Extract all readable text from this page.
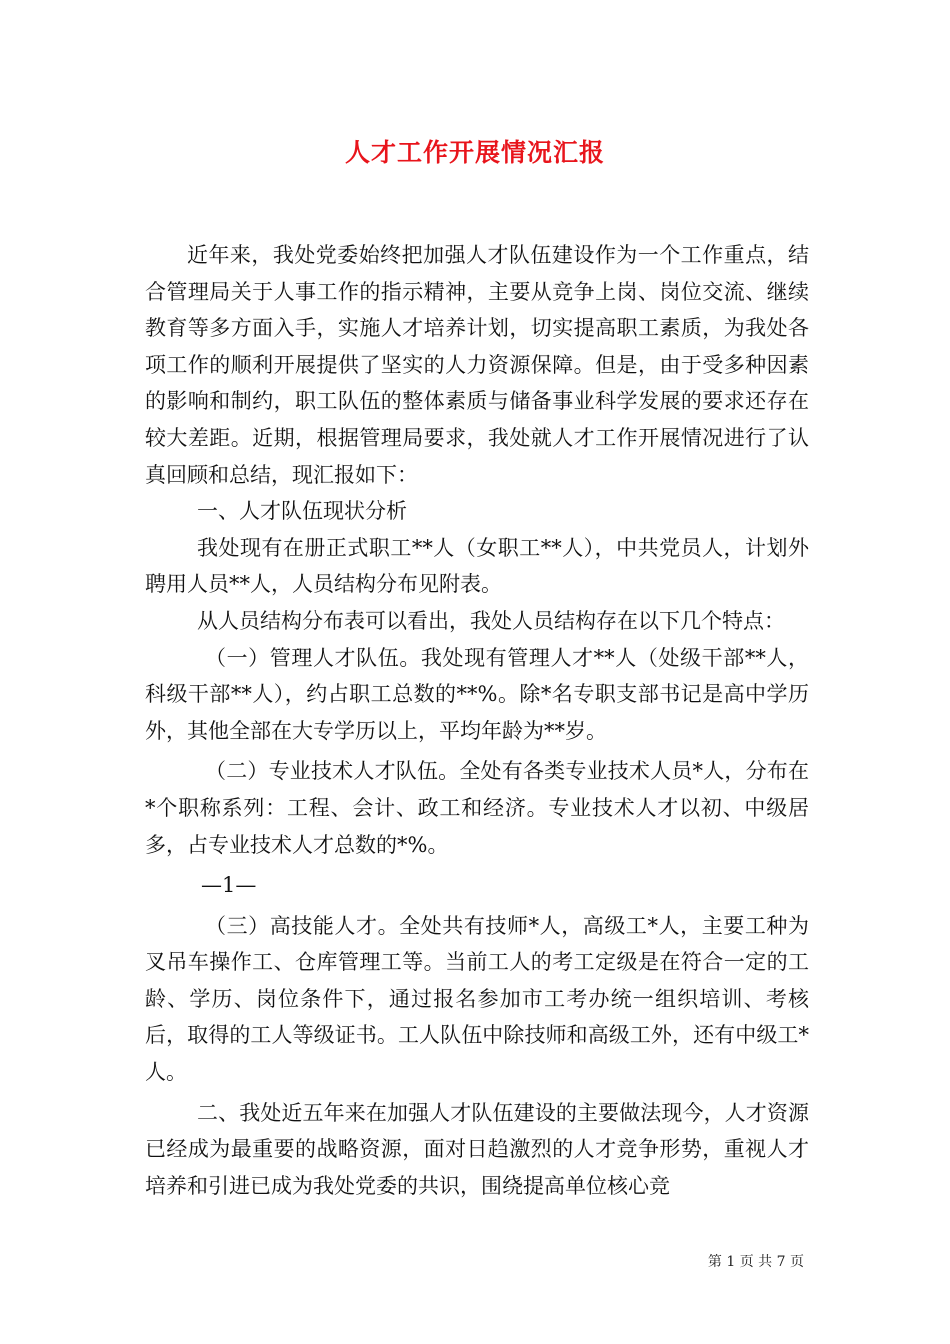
人才工作开展情况汇报

近年来，我处党委始终把加强人才队伍建设作为一个工作重点，结合管理局关于人事工作的指示精神，主要从竞争上岗、岗位交流、继续教育等多方面入手，实施人才培养计划，切实提高职工素质，为我处各项工作的顺利开展提供了坚实的人力资源保障。但是，由于受多种因素的影响和制约，职工队伍的整体素质与储备事业科学发展的要求还存在较大差距。近期，根据管理局要求，我处就人才工作开展情况进行了认真回顾和总结，现汇报如下：

一、人才队伍现状分析

我处现有在册正式职工**人（女职工**人），中共党员人，计划外聘用人员**人，人员结构分布见附表。

从人员结构分布表可以看出，我处人员结构存在以下几个特点：

（一）管理人才队伍。我处现有管理人才**人（处级干部**人，科级干部**人），约占职工总数的**%。除*名专职支部书记是高中学历外，其他全部在大专学历以上，平均年龄为**岁。

（二）专业技术人才队伍。全处有各类专业技术人员*人，分布在*个职称系列：工程、会计、政工和经济。专业技术人才以初、中级居多，占专业技术人才总数的*%。

—1—

（三）高技能人才。全处共有技师*人，高级工*人，主要工种为叉吊车操作工、仓库管理工等。当前工人的考工定级是在符合一定的工龄、学历、岗位条件下，通过报名参加市工考办统一组织培训、考核后，取得的工人等级证书。工人队伍中除技师和高级工外，还有中级工*人。

二、我处近五年来在加强人才队伍建设的主要做法现今，人才资源已经成为最重要的战略资源，面对日趋激烈的人才竞争形势，重视人才培养和引进已成为我处党委的共识，围绕提高单位核心竞

第 1 页 共 7 页
